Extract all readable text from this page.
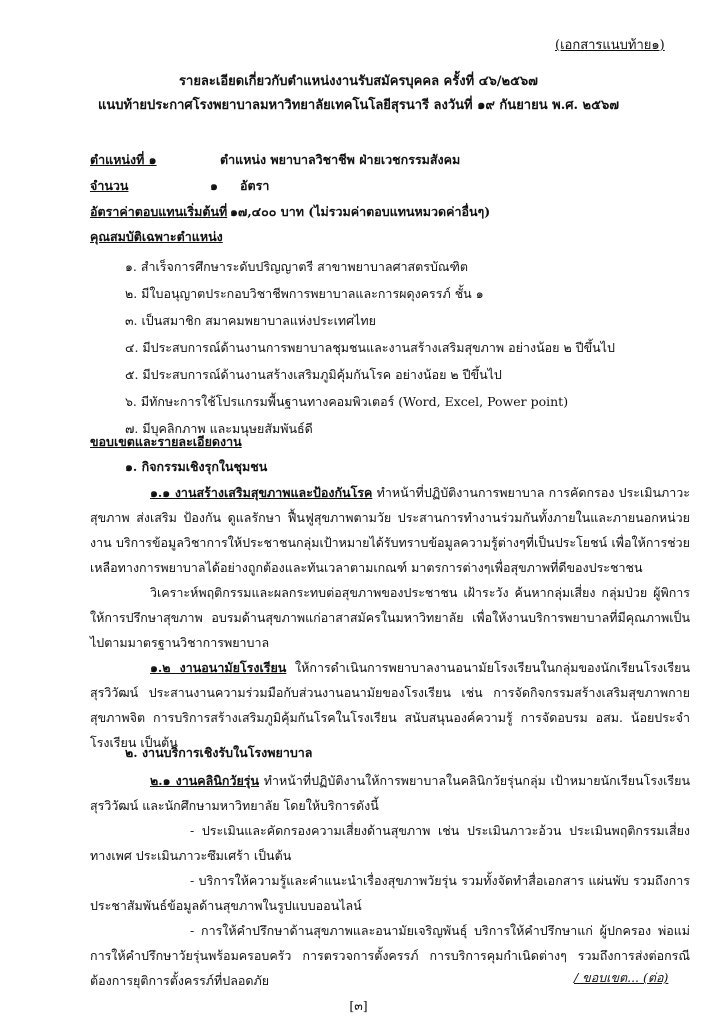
(เอกสารแนบท้าย๑)
รายละเอียดเกี่ยวกับตำแหน่งงานรับสมัครบุคคล ครั้งที่ ๔๖/๒๕๖๗
แนบท้ายประกาศโรงพยาบาลมหาวิทยาลัยเทคโนโลยีสุรนารี ลงวันที่ ๑๙ กันยายน พ.ศ. ๒๕๖๗
ตำแหน่งที่ ๑	ตำแหน่ง พยาบาลวิชาชีพ ฝ่ายเวชกรรมสังคม
จำนวน	๑ อัตรา
อัตราค่าตอบแทนเริ่มต้นที่ ๑๗,๔๐๐ บาท (ไม่รวมค่าตอบแทนหมวดค่าอื่นๆ)
คุณสมบัติเฉพาะตำแหน่ง
๑. สำเร็จการศึกษาระดับปริญญาตรี สาขาพยาบาลศาสตรบัณฑิต
๒. มีใบอนุญาตประกอบวิชาชีพการพยาบาลและการผดุงครรภ์ ชั้น ๑
๓. เป็นสมาชิก สมาคมพยาบาลแห่งประเทศไทย
๔. มีประสบการณ์ด้านงานการพยาบาลชุมชนและงานสร้างเสริมสุขภาพ อย่างน้อย ๒ ปีขึ้นไป
๕. มีประสบการณ์ด้านงานสร้างเสริมภูมิคุ้มกันโรค อย่างน้อย ๒ ปีขึ้นไป
๖. มีทักษะการใช้โปรแกรมพื้นฐานทางคอมพิวเตอร์ (Word, Excel, Power point)
๗. มีบุคลิกภาพ และมนุษยสัมพันธ์ดี
ขอบเขตและรายละเอียดงาน
๑. กิจกรรมเชิงรุกในชุมชน

๑.๑ งานสร้างเสริมสุขภาพและป้องกันโรค ทำหน้าที่ปฏิบัติงานการพยาบาล การคัดกรอง ประเมินภาวะสุขภาพ ส่งเสริม ป้องกัน ดูแลรักษา ฟื้นฟูสุขภาพตามวัย ประสานการทำงานร่วมกันทั้งภายในและภายนอกหน่วยงาน บริการข้อมูลวิชาการให้ประชาชนกลุ่มเป้าหมายได้รับทราบข้อมูลความรู้ต่างๆที่เป็นประโยชน์ เพื่อให้การช่วยเหลือทางการพยาบาลได้อย่างถูกต้องและทันเวลาตามเกณฑ์ มาตรการต่างๆเพื่อสุขภาพที่ดีของประชาชน

วิเคราะห์พฤติกรรมและผลกระทบต่อสุขภาพของประชาชน เฝ้าระวัง ค้นหากลุ่มเสี่ยง กลุ่มป่วย ผู้พิการ ให้การปรึกษาสุขภาพ อบรมด้านสุขภาพแก่อาสาสมัครในมหาวิทยาลัย เพื่อให้งานบริการพยาบาลที่มีคุณภาพเป็นไปตามมาตรฐานวิชาการพยาบาล

๑.๒ งานอนามัยโรงเรียน ให้การดำเนินการพยาบาลงานอนามัยโรงเรียนในกลุ่มของนักเรียนโรงเรียนสุรวิวัฒน์ ประสานงานความร่วมมือกับส่วนงานอนามัยของโรงเรียน เช่น การจัดกิจกรรมสร้างเสริมสุขภาพกายสุขภาพจิต การบริการสร้างเสริมภูมิคุ้มกันโรคในโรงเรียน สนับสนุนองค์ความรู้ การจัดอบรม อสม. น้อยประจำโรงเรียน เป็นต้น

๒. งานบริการเชิงรับในโรงพยาบาล

๒.๑ งานคลินิกวัยรุ่น ทำหน้าที่ปฏิบัติงานให้การพยาบาลในคลินิกวัยรุ่นกลุ่ม เป้าหมายนักเรียนโรงเรียนสุรวิวัฒน์ และนักศึกษามหาวิทยาลัย โดยให้บริการดังนี้

- ประเมินและคัดกรองความเสี่ยงด้านสุขภาพ เช่น ประเมินภาวะอ้วน ประเมินพฤติกรรมเสี่ยงทางเพศ ประเมินภาวะซึมเศร้า เป็นต้น

- บริการให้ความรู้และคำแนะนำเรื่องสุขภาพวัยรุ่น รวมทั้งจัดทำสื่อเอกสาร แผ่นพับ รวมถึงการประชาสัมพันธ์ข้อมูลด้านสุขภาพในรูปแบบออนไลน์

- การให้คำปรึกษาด้านสุขภาพและอนามัยเจริญพันธุ์ บริการให้คำปรึกษาแก่ ผู้ปกครอง พ่อแม่ การให้คำปรึกษาวัยรุ่นพร้อมครอบครัว การตรวจการตั้งครรภ์ การบริการคุมกำเนิดต่างๆ รวมถึงการส่งต่อกรณีต้องการยุติการตั้งครรภ์ที่ปลอดภัย	/ ขอบเขต... (ต่อ)
[๓]
